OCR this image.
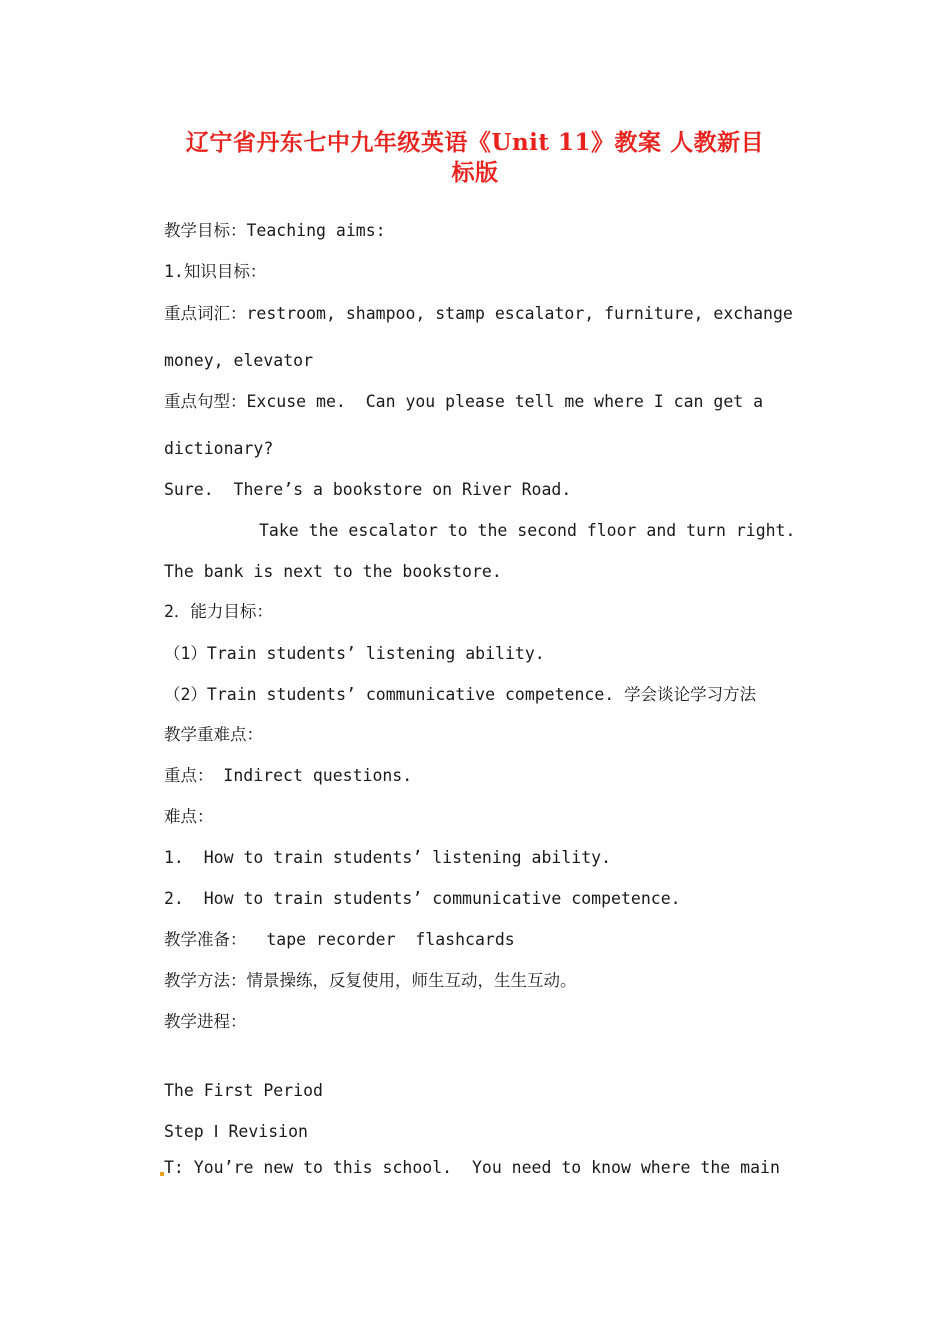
辽宁省丹东七中九年级英语《Unit 11》教案 人教新目
标版
教学目标：Teaching aims:
1.知识目标：
重点词汇：restroom, shampoo, stamp escalator, furniture, exchange
money, elevator
重点句型：Excuse me.  Can you please tell me where I can get a
dictionary?
Sure.  There’s a bookstore on River Road.
Take the escalator to the second floor and turn right.
The bank is next to the bookstore.
2．能力目标：
（1）Train students’ listening ability.
（2）Train students’ communicative competence. 学会谈论学习方法
教学重难点：
重点： Indirect questions.
难点：
1.  How to train students’ listening ability.
2.  How to train students’ communicative competence.
教学准备：  tape recorder  flashcards
教学方法：情景操练，反复使用，师生互动，生生互动。
教学进程：
The First Period
Step Ⅰ Revision
T: You’re new to this school.  You need to know where the main
